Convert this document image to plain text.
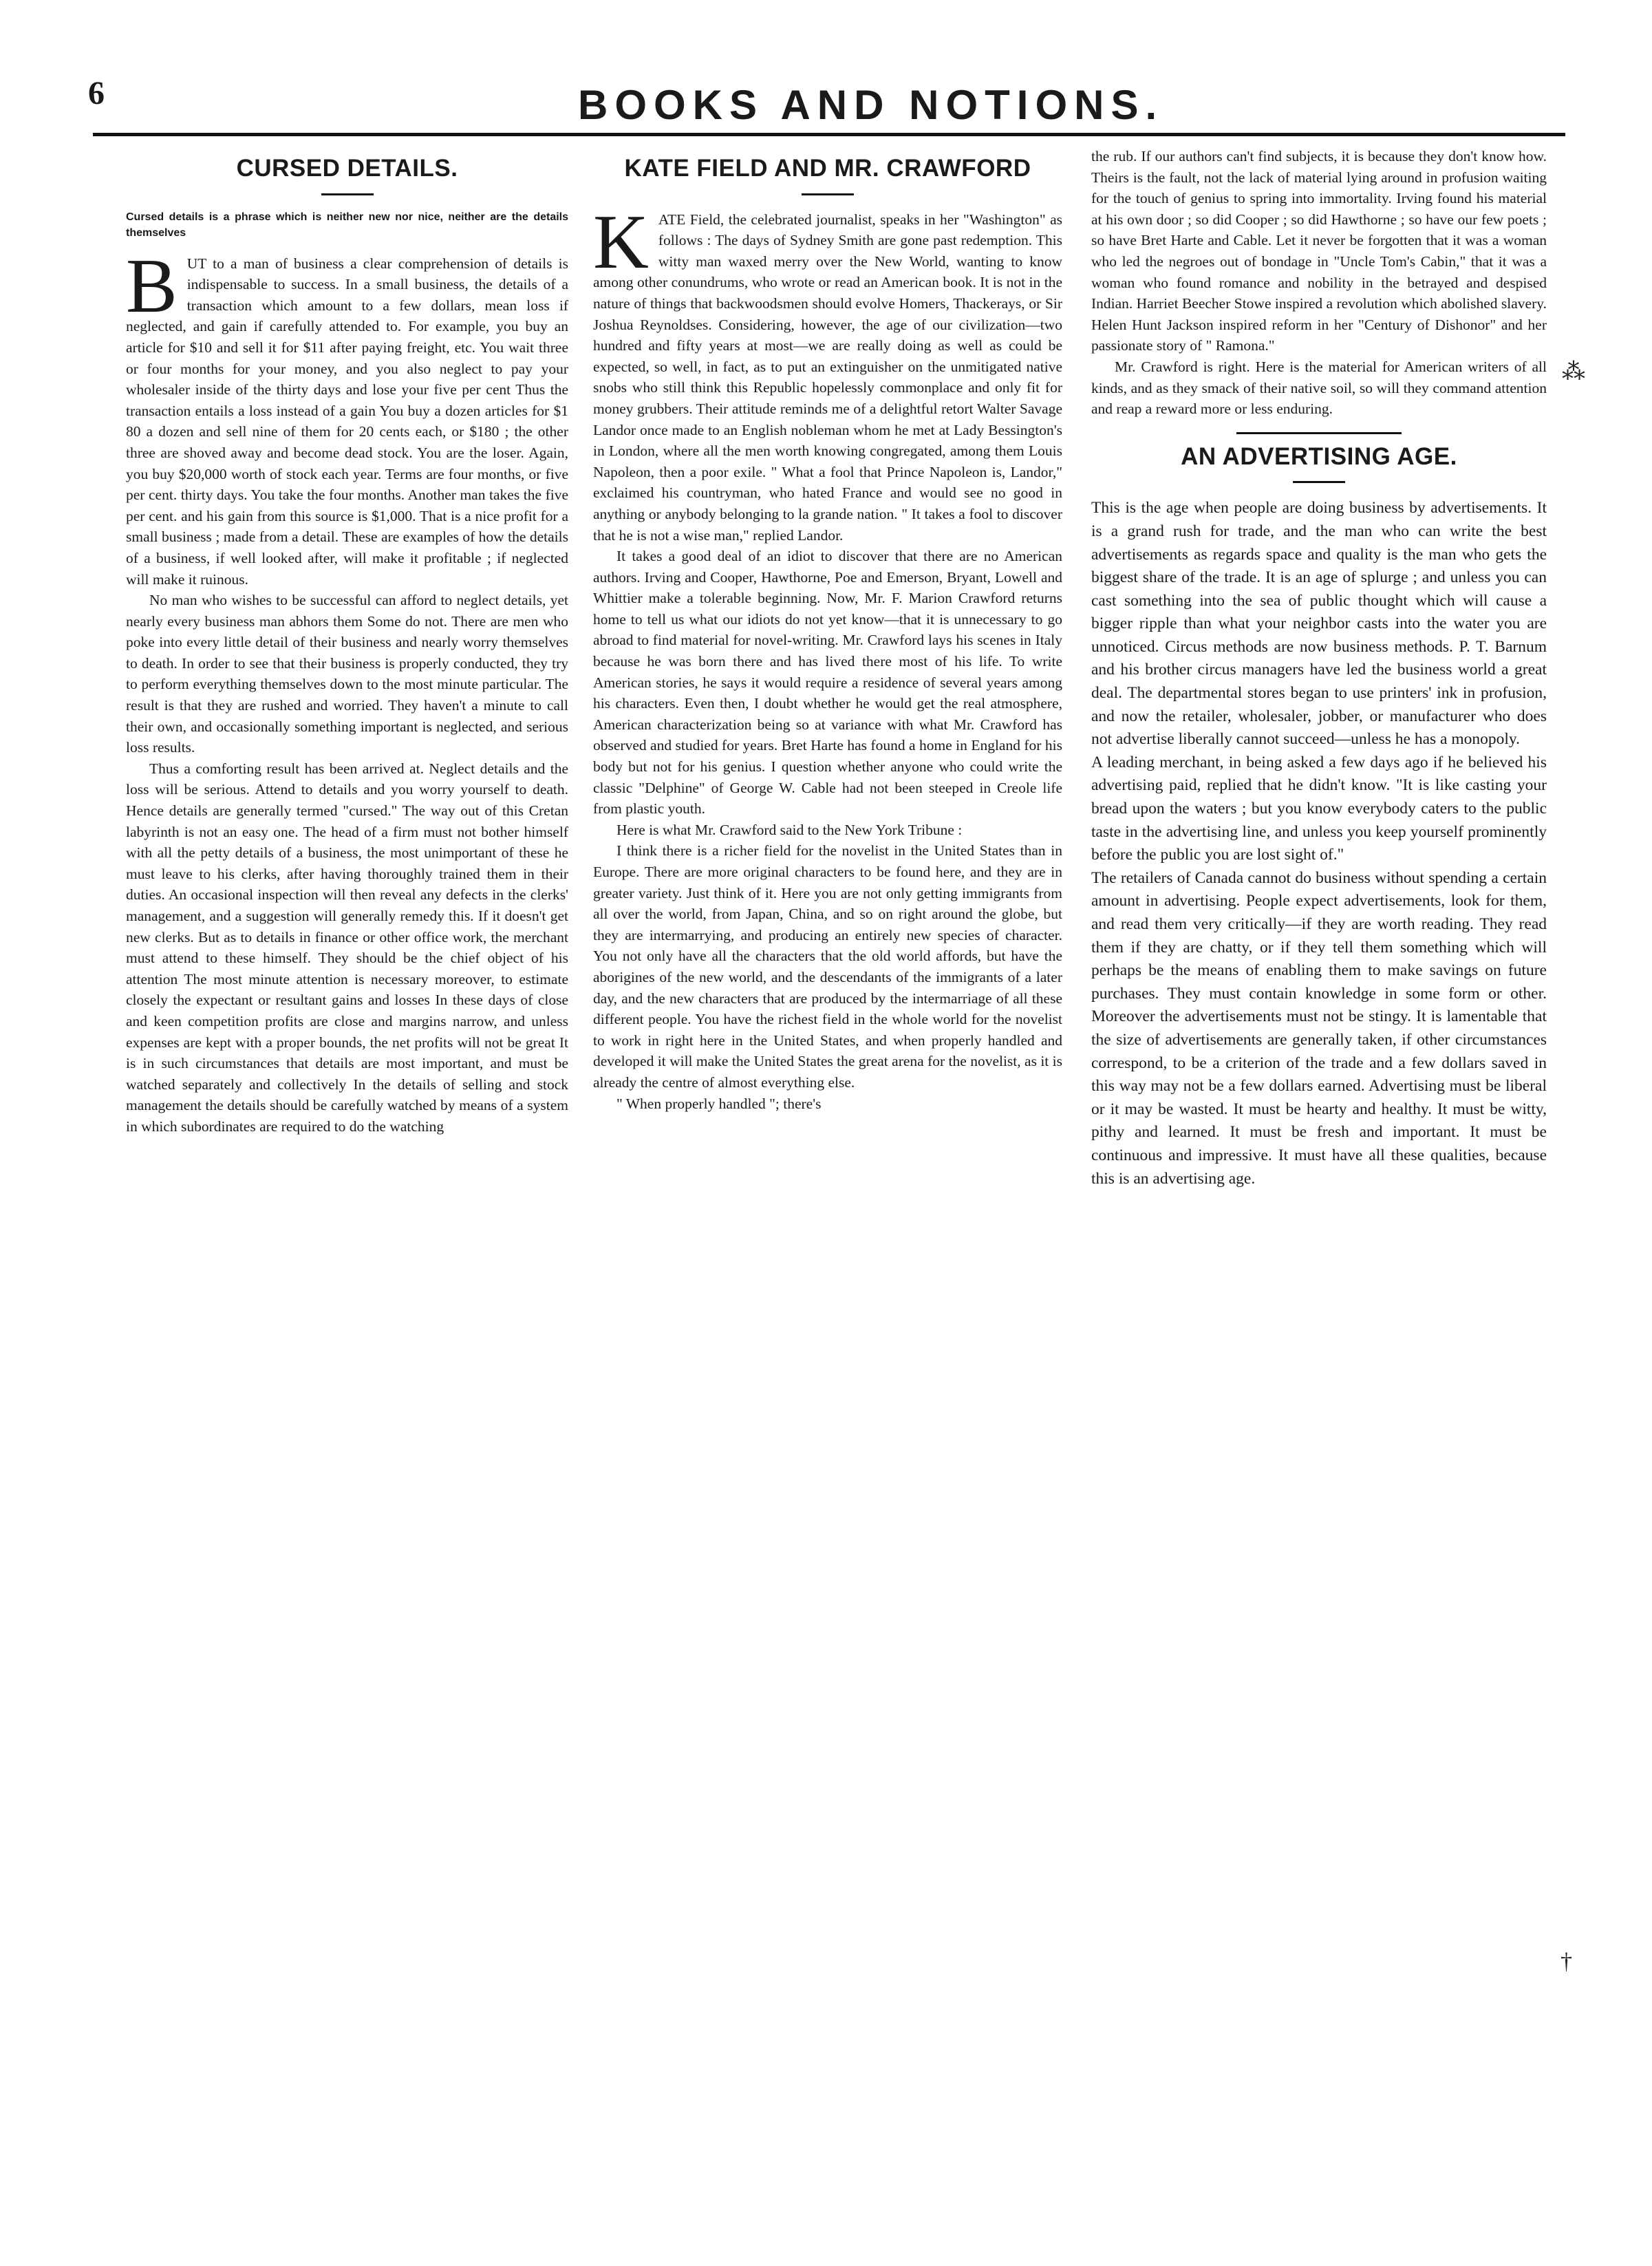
6	BOOKS AND NOTIONS.
CURSED DETAILS.
Cursed details is a phrase which is neither new nor nice, neither are the details themselves

BUT to a man of business a clear comprehension of details is indispensable to success. In a small business, the details of a transaction which amount to a few dollars, mean loss if neglected, and gain if carefully attended to. For example, you buy an article for $10 and sell it for $11 after paying freight, etc. You wait three or four months for your money, and you also neglect to pay your wholesaler inside of the thirty days and lose your five per cent Thus the transaction entails a loss instead of a gain You buy a dozen articles for $1 80 a dozen and sell nine of them for 20 cents each, or $180 ; the other three are shoved away and become dead stock. You are the loser. Again, you buy $20,000 worth of stock each year. Terms are four months, or five per cent. thirty days. You take the four months. Another man takes the five per cent. and his gain from this source is $1,000. That is a nice profit for a small business ; made from a detail. These are examples of how the details of a business, if well looked after, will make it profitable ; if neglected will make it ruinous.

No man who wishes to be successful can afford to neglect details, yet nearly every business man abhors them Some do not. There are men who poke into every little detail of their business and nearly worry themselves to death. In order to see that their business is properly conducted, they try to perform everything themselves down to the most minute particular. The result is that they are rushed and worried. They haven't a minute to call their own, and occasionally something important is neglected, and serious loss results.

Thus a comforting result has been arrived at. Neglect details and the loss will be serious. Attend to details and you worry yourself to death. Hence details are generally termed "cursed." The way out of this Cretan labyrinth is not an easy one. The head of a firm must not bother himself with all the petty details of a business, the most unimportant of these he must leave to his clerks, after having thoroughly trained them in their duties. An occasional inspection will then reveal any defects in the clerks' management, and a suggestion will generally remedy this. If it doesn't get new clerks. But as to details in finance or other office work, the merchant must attend to these himself. They should be the chief object of his attention The most minute attention is necessary moreover, to estimate closely the expectant or resultant gains and losses In these days of close and keen competition profits are close and margins narrow, and unless expenses are kept with a proper bounds, the net profits will not be great It is in such circumstances that details are most important, and must be watched separately and collectively In the details of selling and stock management the details should be carefully watched by means of a system in which subordinates are required to do the watching

KATE FIELD AND MR. CRAWFORD

KATE Field, the celebrated journalist, speaks in her "Washington" as follows : The days of Sydney Smith are gone past redemption. This witty man waxed merry over the New World, wanting to know among other conundrums, who wrote or read an American book. It is not in the nature of things that backwoodsmen should evolve Homers, Thackerays, or Sir Joshua Reynoldses. Considering, however, the age of our civilization—two hundred and fifty years at most—we are really doing as well as could be expected, so well, in fact, as to put an extinguisher on the unmitigated native snobs who still think this Republic hopelessly commonplace and only fit for money grubbers. Their attitude reminds me of a delightful retort Walter Savage Landor once made to an English nobleman whom he met at Lady Bessington's in London, where all the men worth knowing congregated, among them Louis Napoleon, then a poor exile. " What a fool that Prince Napoleon is, Landor," exclaimed his countryman, who hated France and would see no good in anything or anybody belonging to la grande nation. " It takes a fool to discover that he is not a wise man," replied Landor.

It takes a good deal of an idiot to discover that there are no American authors. Irving and Cooper, Hawthorne, Poe and Emerson, Bryant, Lowell and Whittier make a tolerable beginning. Now, Mr. F. Marion Crawford returns home to tell us what our idiots do not yet know—that it is unnecessary to go abroad to find material for novel-writing. Mr. Crawford lays his scenes in Italy because he was born there and has lived there most of his life. To write American stories, he says it would require a residence of several years among his characters. Even then, I doubt whether he would get the real atmosphere, American characterization being so at variance with what Mr. Crawford has observed and studied for years. Bret Harte has found a home in England for his body but not for his genius. I question whether anyone who could write the classic "Delphine" of George W. Cable had not been steeped in Creole life from plastic youth.

Here is what Mr. Crawford said to the New York Tribune :

I think there is a richer field for the novelist in the United States than in Europe. There are more original characters to be found here, and they are in greater variety. Just think of it. Here you are not only getting immigrants from all over the world, from Japan, China, and so on right around the globe, but they are intermarrying, and producing an entirely new species of character. You not only have all the characters that the old world affords, but have the aborigines of the new world, and the descendants of the immigrants of a later day, and the new characters that are produced by the intermarriage of all these different people. You have the richest field in the whole world for the novelist to work in right here in the United States, and when properly handled and developed it will make the United States the great arena for the novelist, as it is already the centre of almost everything else.

" When properly handled "; there's

the rub. If our authors can't find subjects, it is because they don't know how. Theirs is the fault, not the lack of material lying around in profusion waiting for the touch of genius to spring into immortality. Irving found his material at his own door ; so did Cooper ; so did Hawthorne ; so have our few poets ; so have Bret Harte and Cable. Let it never be forgotten that it was a woman who led the negroes out of bondage in "Uncle Tom's Cabin," that it was a woman who found romance and nobility in the betrayed and despised Indian. Harriet Beecher Stowe inspired a revolution which abolished slavery. Helen Hunt Jackson inspired reform in her "Century of Dishonor" and her passionate story of " Ramona."

Mr. Crawford is right. Here is the material for American writers of all kinds, and as they smack of their native soil, so will they command attention and reap a reward more or less enduring.

AN ADVERTISING AGE.

This is the age when people are doing business by advertisements. It is a grand rush for trade, and the man who can write the best advertisements as regards space and quality is the man who gets the biggest share of the trade. It is an age of splurge ; and unless you can cast something into the sea of public thought which will cause a bigger ripple than what your neighbor casts into the water you are unnoticed. Circus methods are now business methods. P. T. Barnum and his brother circus managers have led the business world a great deal. The departmental stores began to use printers' ink in profusion, and now the retailer, wholesaler, jobber, or manufacturer who does not advertise liberally cannot succeed—unless he has a monopoly.

A leading merchant, in being asked a few days ago if he believed his advertising paid, replied that he didn't know. "It is like casting your bread upon the waters ; but you know everybody caters to the public taste in the advertising line, and unless you keep yourself prominently before the public you are lost sight of."

The retailers of Canada cannot do business without spending a certain amount in advertising. People expect advertisements, look for them, and read them very critically—if they are worth reading. They read them if they are chatty, or if they tell them something which will perhaps be the means of enabling them to make savings on future purchases. They must contain knowledge in some form or other. Moreover the advertisements must not be stingy. It is lamentable that the size of advertisements are generally taken, if other circumstances correspond, to be a criterion of the trade and a few dollars saved in this way may not be a few dollars earned. Advertising must be liberal or it may be wasted. It must be hearty and healthy. It must be witty, pithy and learned. It must be fresh and important. It must be continuous and impressive. It must have all these qualities, because this is an advertising age.

⁂
†
